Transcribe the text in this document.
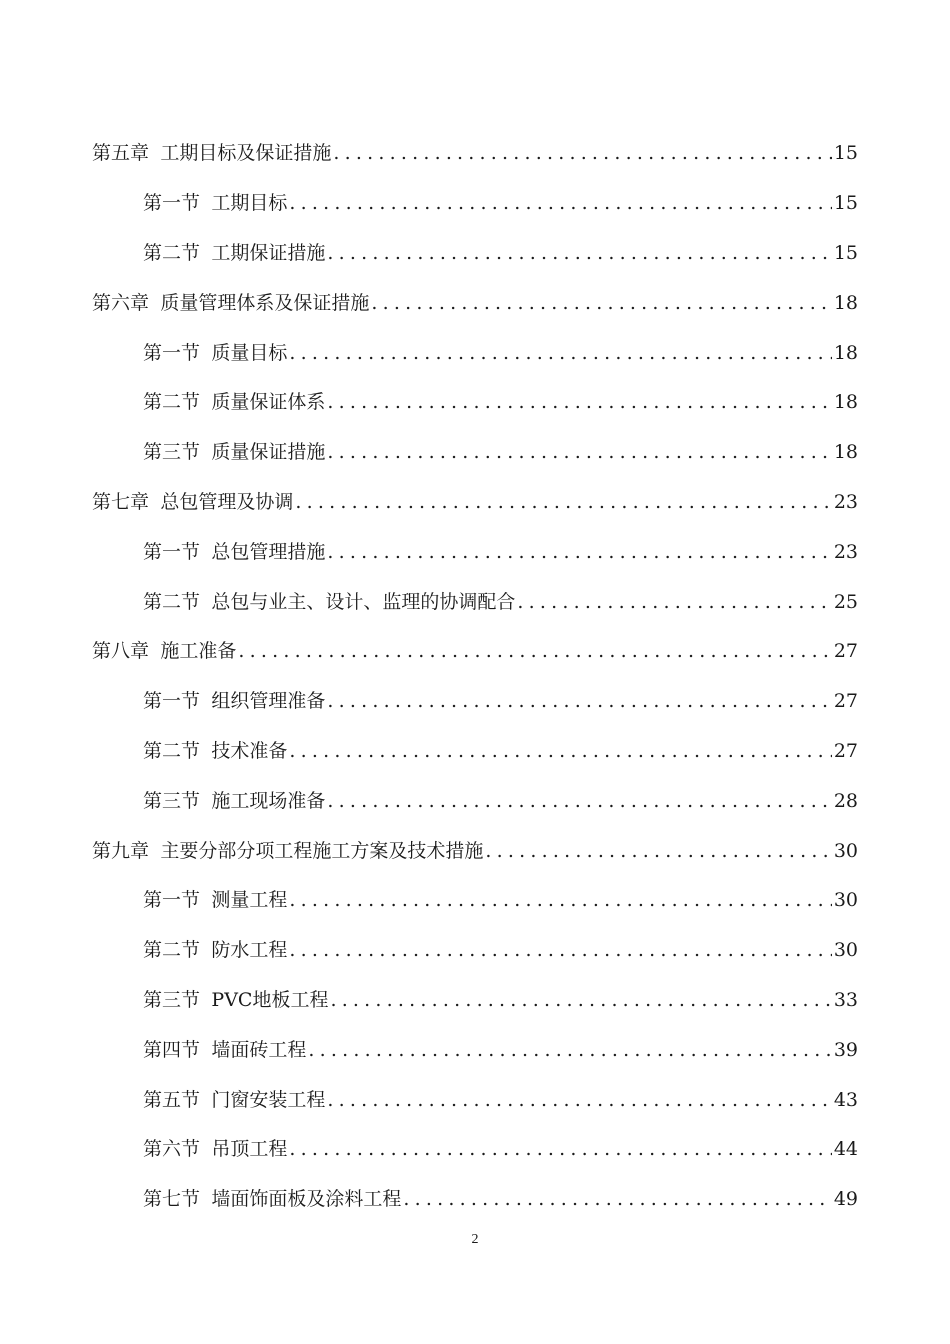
第五章 工期目标及保证措施 .....	15
第一节 工期目标 .....	15
第二节 工期保证措施 .....	15
第六章 质量管理体系及保证措施 .....	18
第一节 质量目标 .....	18
第二节 质量保证体系 .....	18
第三节 质量保证措施 .....	18
第七章 总包管理及协调 .....	23
第一节 总包管理措施 .....	23
第二节 总包与业主、设计、监理的协调配合 .....	25
第八章 施工准备 .....	27
第一节 组织管理准备 .....	27
第二节 技术准备 .....	27
第三节 施工现场准备 .....	28
第九章 主要分部分项工程施工方案及技术措施 .....	30
第一节 测量工程 .....	30
第二节 防水工程 .....	30
第三节 PVC地板工程 .....	33
第四节 墙面砖工程 .....	39
第五节 门窗安装工程 .....	43
第六节 吊顶工程 .....	44
第七节 墙面饰面板及涂料工程 .....	49
2
